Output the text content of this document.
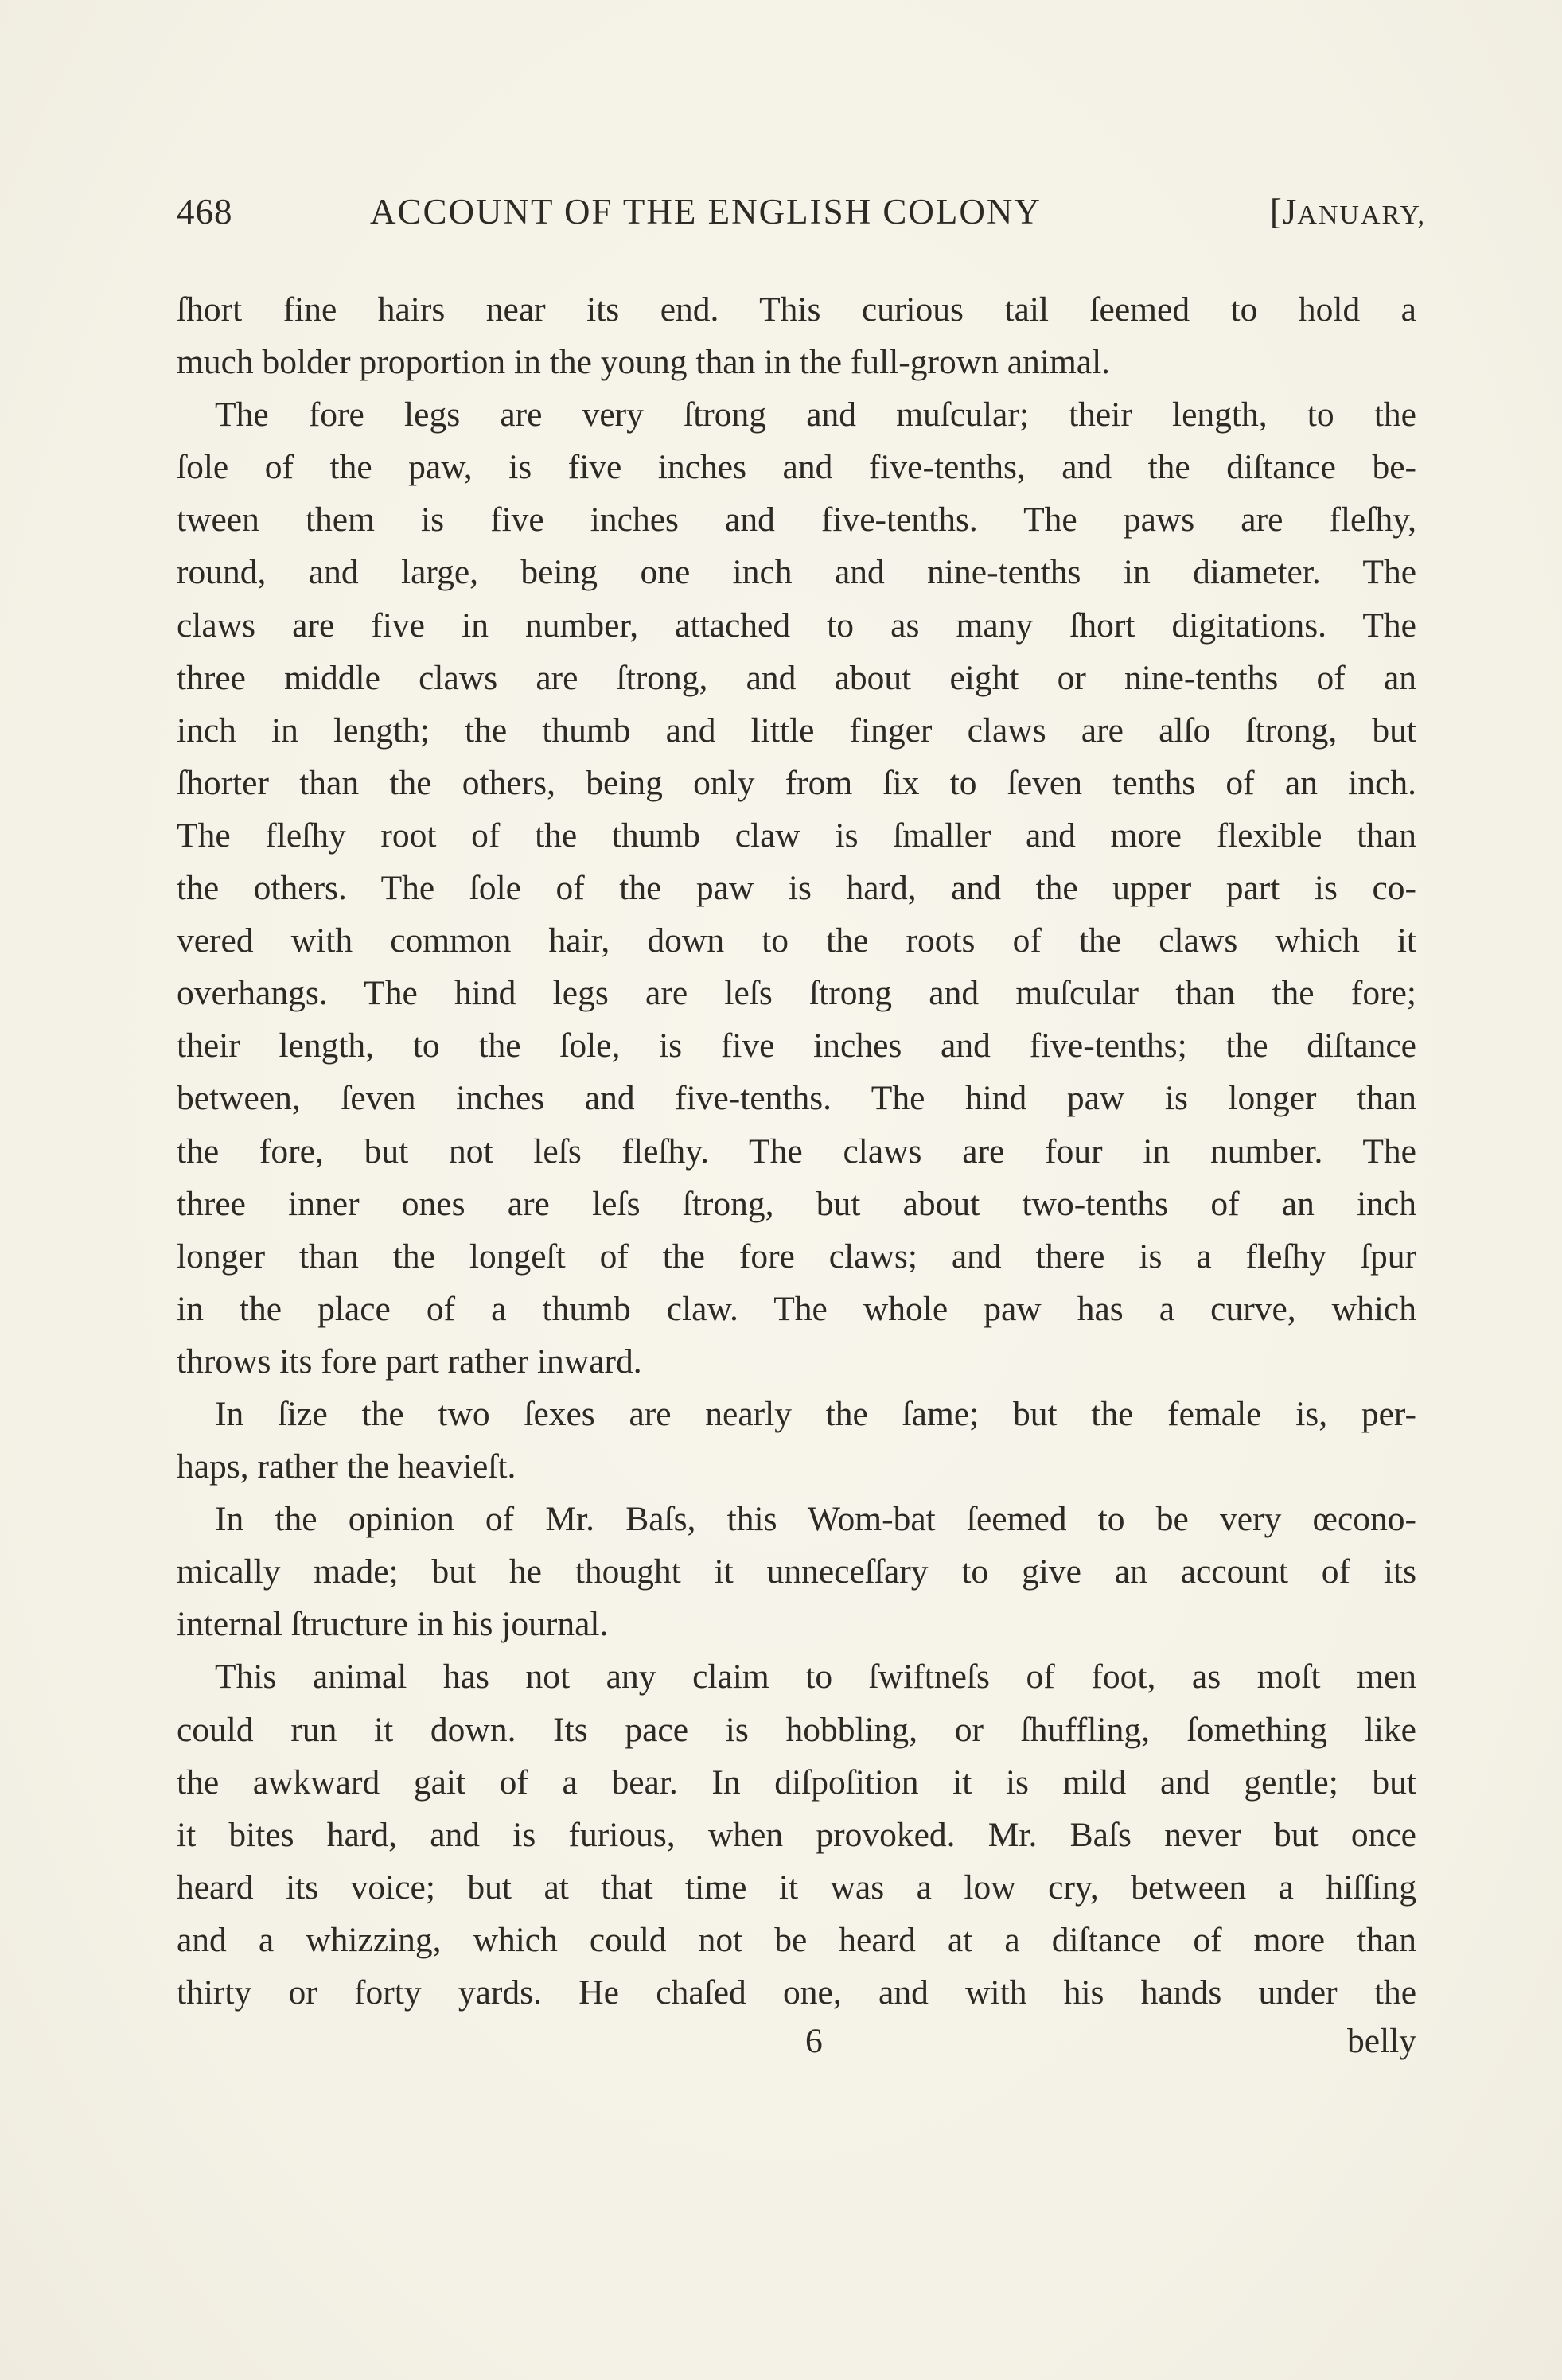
468	ACCOUNT OF THE ENGLISH COLONY	[JANUARY,
ſhort fine hairs near its end. This curious tail ſeemed to hold a
much bolder proportion in the young than in the full-grown animal.
The fore legs are very ſtrong and muſcular; their length, to the
ſole of the paw, is five inches and five-tenths, and the diſtance be-
tween them is five inches and five-tenths. The paws are fleſhy,
round, and large, being one inch and nine-tenths in diameter. The
claws are five in number, attached to as many ſhort digitations. The
three middle claws are ſtrong, and about eight or nine-tenths of an
inch in length; the thumb and little finger claws are alſo ſtrong, but
ſhorter than the others, being only from ſix to ſeven tenths of an inch.
The fleſhy root of the thumb claw is ſmaller and more flexible than
the others. The ſole of the paw is hard, and the upper part is co-
vered with common hair, down to the roots of the claws which it
overhangs. The hind legs are leſs ſtrong and muſcular than the fore;
their length, to the ſole, is five inches and five-tenths; the diſtance
between, ſeven inches and five-tenths. The hind paw is longer than
the fore, but not leſs fleſhy. The claws are four in number. The
three inner ones are leſs ſtrong, but about two-tenths of an inch
longer than the longeſt of the fore claws; and there is a fleſhy ſpur
in the place of a thumb claw. The whole paw has a curve, which
throws its fore part rather inward.
In ſize the two ſexes are nearly the ſame; but the female is, per-
haps, rather the heavieſt.
In the opinion of Mr. Baſs, this Wom-bat ſeemed to be very œcono-
mically made; but he thought it unneceſſary to give an account of its
internal ſtructure in his journal.
This animal has not any claim to ſwiftneſs of foot, as moſt men
could run it down. Its pace is hobbling, or ſhuffling, ſomething like
the awkward gait of a bear. In diſpoſition it is mild and gentle; but
it bites hard, and is furious, when provoked. Mr. Baſs never but once
heard its voice; but at that time it was a low cry, between a hiſſing
and a whizzing, which could not be heard at a diſtance of more than
thirty or forty yards. He chaſed one, and with his hands under the
6	belly
